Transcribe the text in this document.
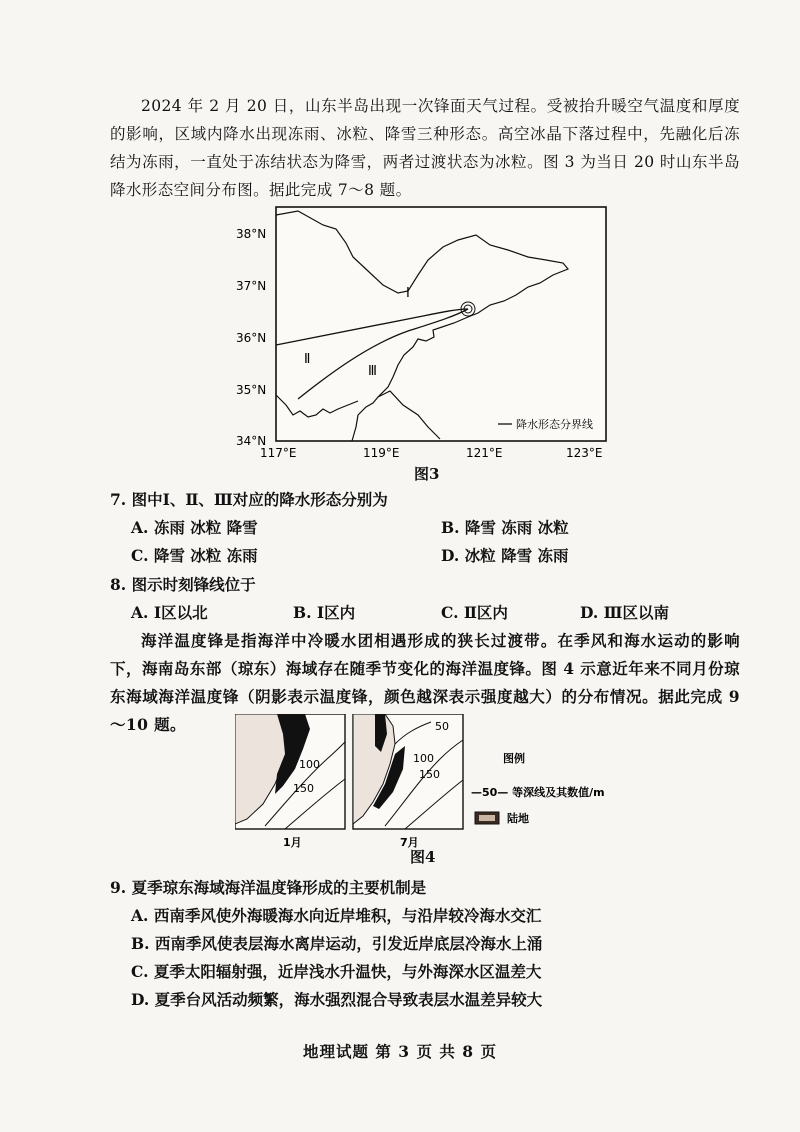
2024 年 2 月 20 日，山东半岛出现一次锋面天气过程。受被抬升暖空气温度和厚度的影响，区域内降水出现冻雨、冰粒、降雪三种形态。高空冰晶下落过程中，先融化后冻结为冻雨，一直处于冻结状态为降雪，两者过渡状态为冰粒。图 3 为当日 20 时山东半岛降水形态空间分布图。据此完成 7～8 题。
38°N
37°N
36°N
35°N
34°N
117°E	119°E	121°E	123°E
Ⅰ
Ⅱ
Ⅲ
降水形态分界线
图3
7. 图中Ⅰ、Ⅱ、Ⅲ对应的降水形态分别为
A. 冻雨 冰粒 降雪	B. 降雪 冻雨 冰粒
C. 降雪 冰粒 冻雨	D. 冰粒 降雪 冻雨
8. 图示时刻锋线位于
A. Ⅰ区以北	B. Ⅰ区内	C. Ⅱ区内	D. Ⅲ区以南
海洋温度锋是指海洋中冷暖水团相遇形成的狭长过渡带。在季风和海水运动的影响下，海南岛东部（琼东）海域存在随季节变化的海洋温度锋。图 4 示意近年来不同月份琼东海域海洋温度锋（阴影表示温度锋，颜色越深表示强度越大）的分布情况。据此完成 9～10 题。
100
150
1月
50
100
150
7月
图例
—50— 等深线及其数值/m
陆地
图4
9. 夏季琼东海域海洋温度锋形成的主要机制是
A. 西南季风使外海暖海水向近岸堆积，与沿岸较冷海水交汇
B. 西南季风使表层海水离岸运动，引发近岸底层冷海水上涌
C. 夏季太阳辐射强，近岸浅水升温快，与外海深水区温差大
D. 夏季台风活动频繁，海水强烈混合导致表层水温差异较大
地理试题 第 3 页 共 8 页
